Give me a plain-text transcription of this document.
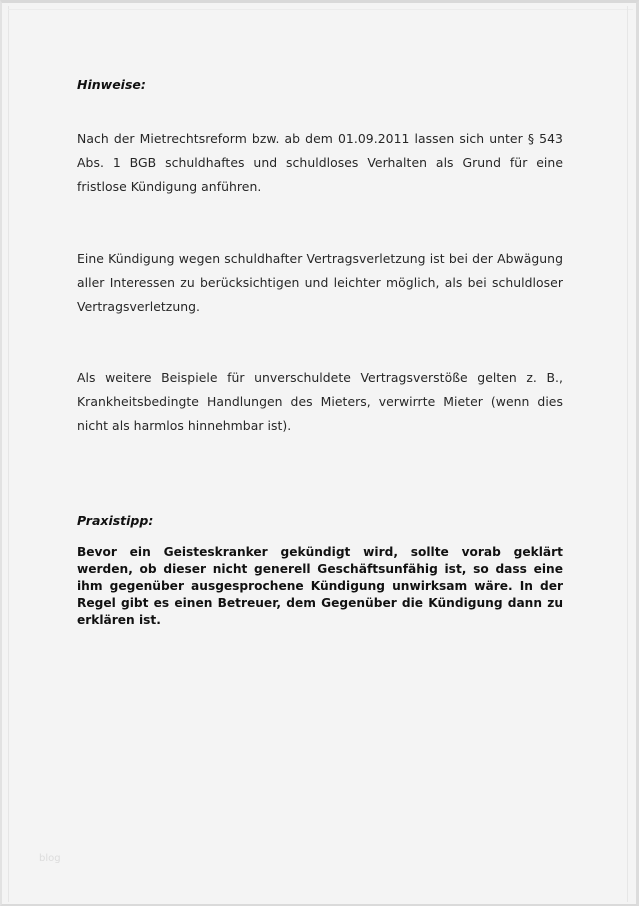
Hinweise:

Nach der Mietrechtsreform bzw. ab dem 01.09.2011 lassen sich unter § 543 Abs. 1 BGB schuldhaftes und schuldloses Verhalten als Grund für eine fristlose Kündigung anführen.

Eine Kündigung wegen schuldhafter Vertragsverletzung ist bei der Abwägung aller Interessen zu berücksichtigen und leichter möglich, als bei schuldloser Vertragsverletzung.

Als weitere Beispiele für unverschuldete Vertragsverstöße gelten z. B., Krankheitsbedingte Handlungen des Mieters, verwirrte Mieter (wenn dies nicht als harmlos hinnehmbar ist).

Praxistipp:

Bevor ein Geisteskranker gekündigt wird, sollte vorab geklärt werden, ob dieser nicht generell Geschäftsunfähig ist, so dass eine ihm gegenüber ausgesprochene Kündigung unwirksam wäre. In der Regel gibt es einen Betreuer, dem Gegenüber die Kündigung dann zu erklären ist.

blog
